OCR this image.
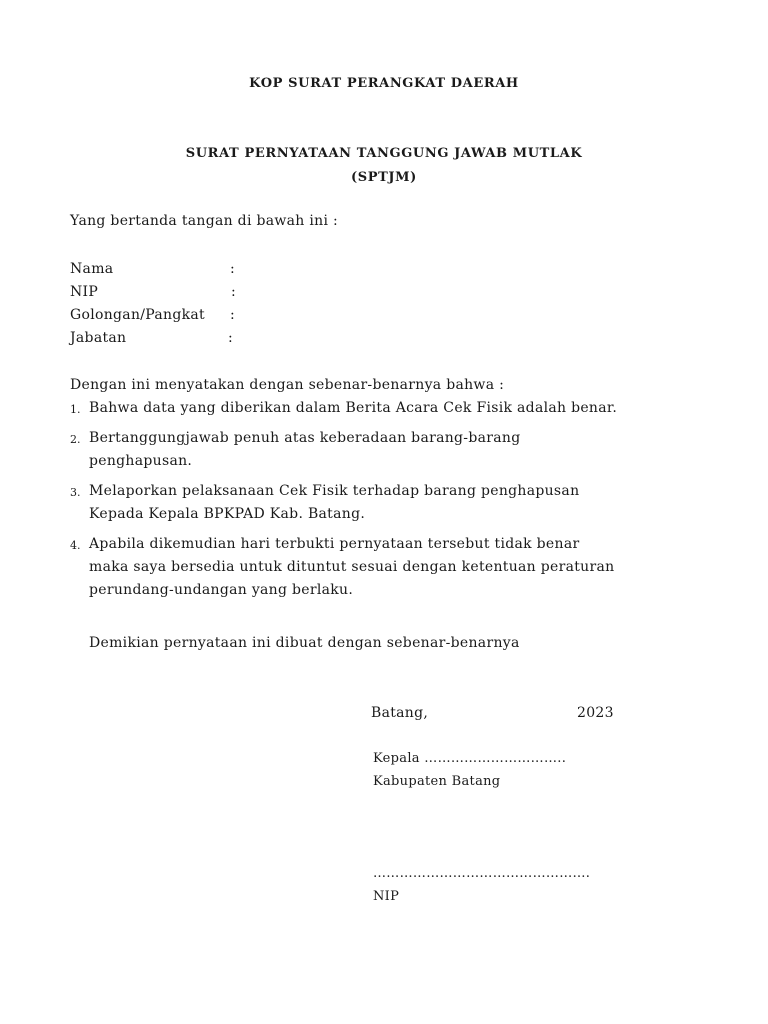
KOP SURAT PERANGKAT DAERAH
SURAT PERNYATAAN TANGGUNG JAWAB MUTLAK
(SPTJM)
Yang bertanda tangan di bawah ini :
Nama	:
NIP	:
Golongan/Pangkat :
Jabatan	:
Dengan ini menyatakan dengan sebenar-benarnya bahwa :
1. Bahwa data yang diberikan dalam Berita Acara Cek Fisik adalah benar.
2. Bertanggungjawab penuh atas keberadaan barang-barang
penghapusan.
3. Melaporkan pelaksanaan Cek Fisik terhadap barang penghapusan
Kepada Kepala BPKPAD Kab. Batang.
4. Apabila dikemudian hari terbukti pernyataan tersebut tidak benar
maka saya bersedia untuk dituntut sesuai dengan ketentuan peraturan
perundang-undangan yang berlaku.
Demikian pernyataan ini dibuat dengan sebenar-benarnya
Batang,	2023
Kepala …………………………..
Kabupaten Batang
………………………………………….
NIP
